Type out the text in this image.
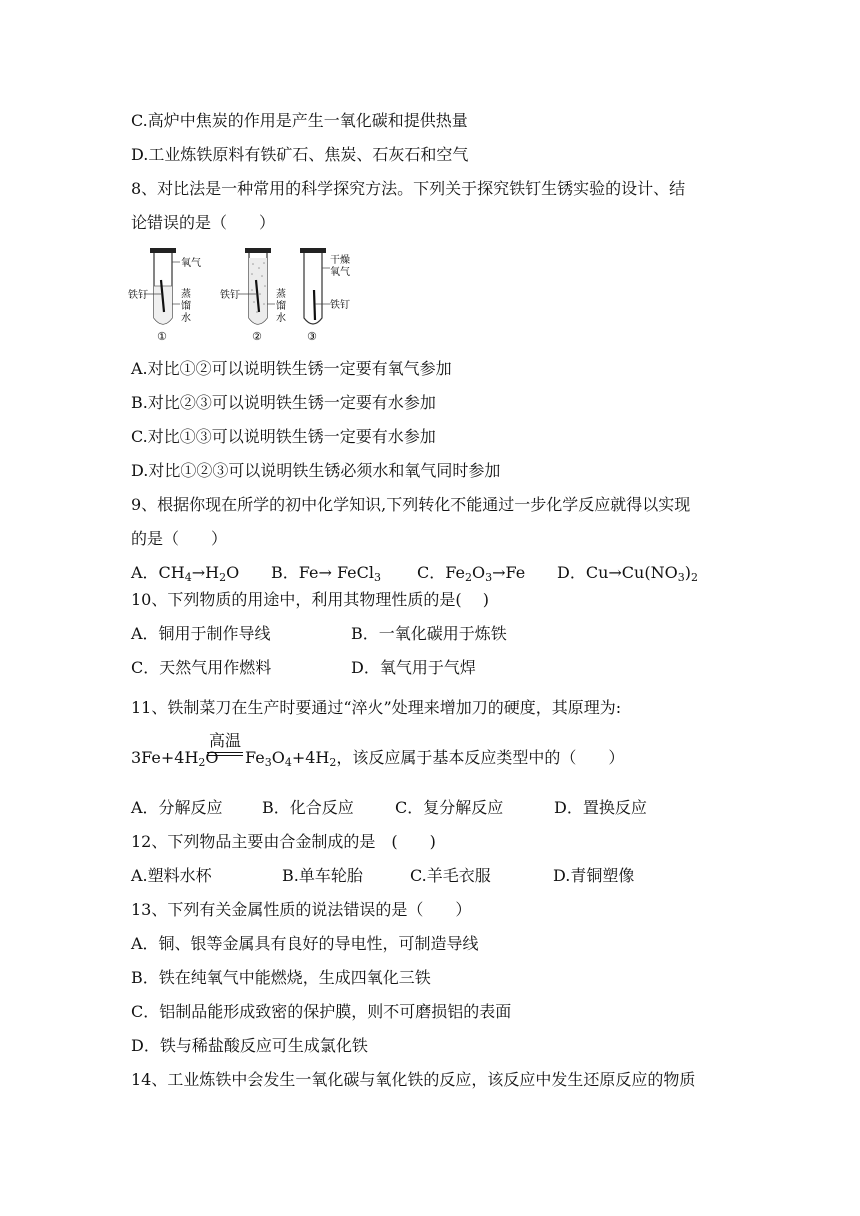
C.高炉中焦炭的作用是产生一氧化碳和提供热量
D.工业炼铁原料有铁矿石、焦炭、石灰石和空气
8、对比法是一种常用的科学探究方法。下列关于探究铁钉生锈实验的设计、结
论错误的是（　　）
氧气
铁钉	蒸
馏
水
①
铁钉	蒸
馏
水
②
干燥
氧气
铁钉
③
A.对比①②可以说明铁生锈一定要有氧气参加
B.对比②③可以说明铁生锈一定要有水参加
C.对比①③可以说明铁生锈一定要有水参加
D.对比①②③可以说明铁生锈必须水和氧气同时参加
9、根据你现在所学的初中化学知识,下列转化不能通过一步化学反应就得以实现
的是（　　）
A．$CH_4\to H_2O$	B．Fe→ FeCl$_3$	C．$Fe_2O_3\to Fe$	D．$Cu\to Cu(NO_3)_2$
10、下列物质的用途中，利用其物理性质的是(　 )
A．铜用于制作导线	B．一氧化碳用于炼铁
C．天然气用作燃料	D．氧气用于气焊
11、铁制菜刀在生产时要通过“淬火”处理来增加刀的硬度，其原理为:
高温
$3Fe+4H_2O$ $Fe_3O_4+4H_2$，该反应属于基本反应类型中的（　　）
A．分解反应	B．化合反应	C．复分解反应	D．置换反应
12、下列物品主要由合金制成的是　(　　)
A.塑料水杯	B.单车轮胎	C.羊毛衣服	D.青铜塑像
13、下列有关金属性质的说法错误的是（　　）
A．铜、银等金属具有良好的导电性，可制造导线
B．铁在纯氧气中能燃烧，生成四氧化三铁
C．铝制品能形成致密的保护膜，则不可磨损铝的表面
D．铁与稀盐酸反应可生成氯化铁
14、工业炼铁中会发生一氧化碳与氧化铁的反应，该反应中发生还原反应的物质
